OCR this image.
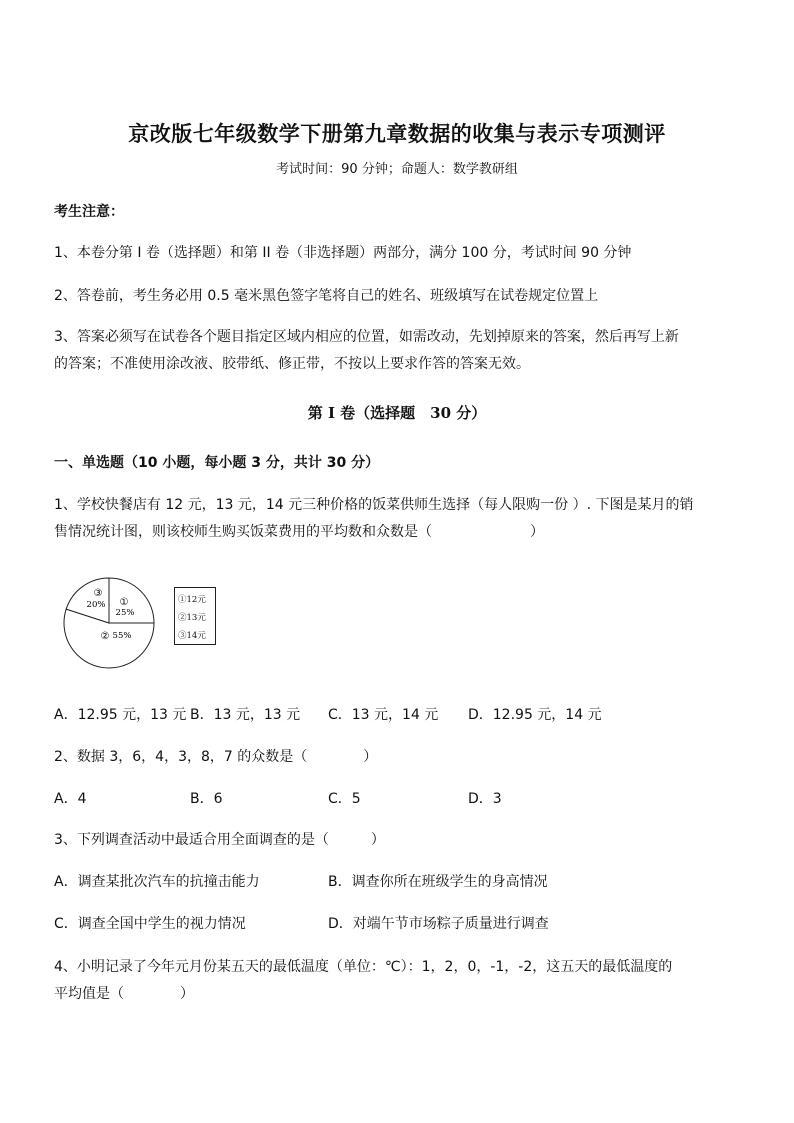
京改版七年级数学下册第九章数据的收集与表示专项测评
考试时间：90 分钟；命题人：数学教研组
考生注意：
1、本卷分第 I 卷（选择题）和第 II 卷（非选择题）两部分，满分 100 分，考试时间 90 分钟
2、答卷前，考生务必用 0.5 毫米黑色签字笔将自己的姓名、班级填写在试卷规定位置上
3、答案必须写在试卷各个题目指定区域内相应的位置，如需改动，先划掉原来的答案，然后再写上新
的答案；不准使用涂改液、胶带纸、修正带，不按以上要求作答的答案无效。
第 I 卷（选择题　30 分）
一、单选题（10 小题，每小题 3 分，共计 30 分）
1、学校快餐店有 12 元，13 元，14 元三种价格的饭菜供师生选择（每人限购一份 ）. 下图是某月的销
售情况统计图，则该校师生购买饭菜费用的平均数和众数是（　　　　　　　）
①
25%
③
20%
② 55%
①12元
②13元
③14元
A．12.95 元，13 元 B．13 元，13 元 C．13 元，14 元 D．12.95 元，14 元
2、数据 3，6，4，3，8，7 的众数是（　　　　）
A．4	B．6	C．5	D．3
3、下列调查活动中最适合用全面调查的是（　　　）
A．调查某批次汽车的抗撞击能力	B．调查你所在班级学生的身高情况
C．调查全国中学生的视力情况	D．对端午节市场粽子质量进行调查
4、小明记录了今年元月份某五天的最低温度（单位：℃）：1，2，0，-1，-2，这五天的最低温度的
平均值是（　　　　）
